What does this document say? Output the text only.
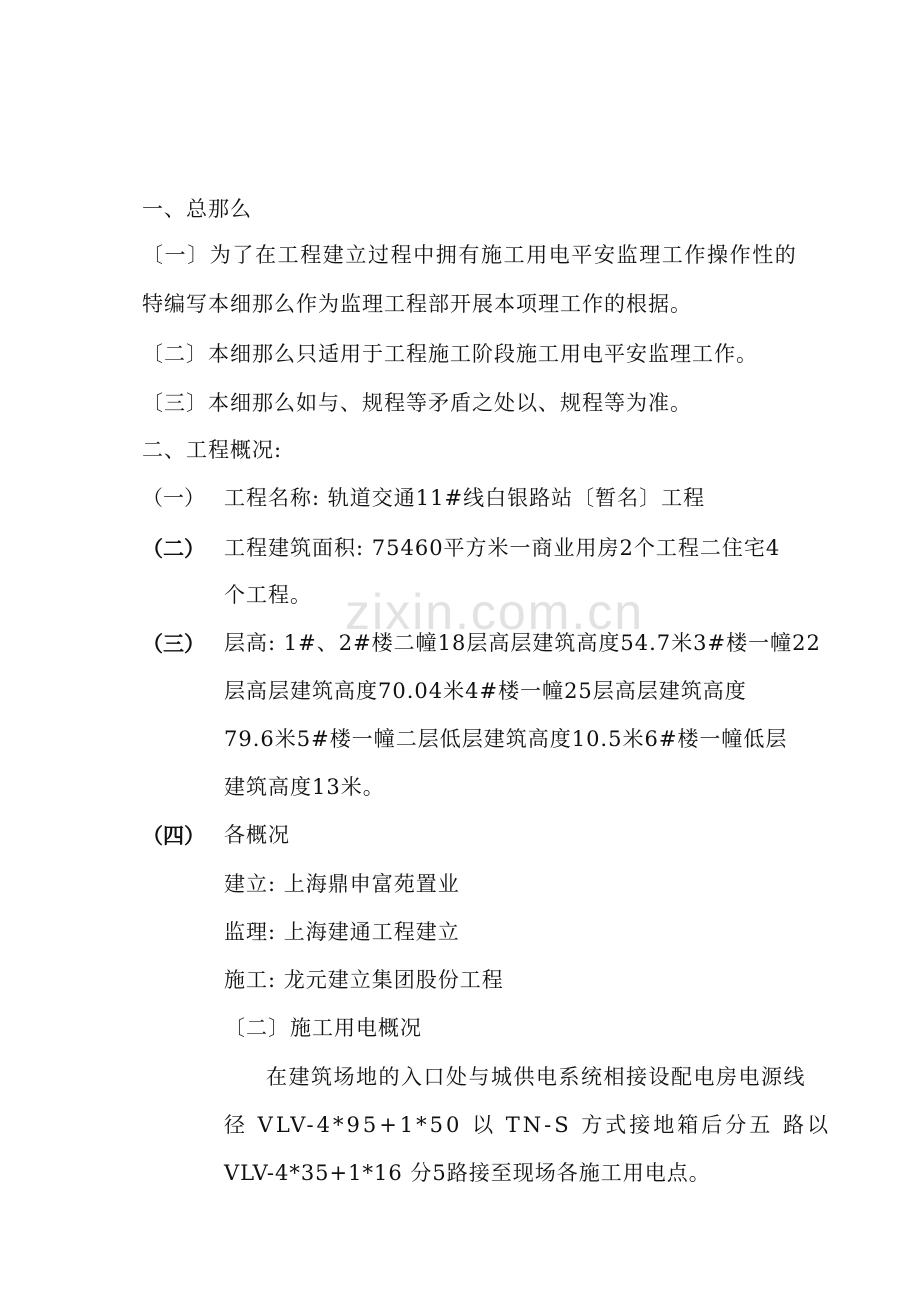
zixin.com.cn
一、总那么
〔一〕为了在工程建立过程中拥有施工用电平安监理工作操作性的
特编写本细那么作为监理工程部开展本项理工作的根据。
〔二〕本细那么只适用于工程施工阶段施工用电平安监理工作。
〔三〕本细那么如与、规程等矛盾之处以、规程等为准。
二、工程概况:
（一） 工程名称: 轨道交通11#线白银路站〔暂名〕工程
（二） 工程建筑面积: 75460平方米一商业用房2个工程二住宅4
个工程。
（三） 层高: 1#、2#楼二幢18层高层建筑高度54.7米3#楼一幢22
层高层建筑高度70.04米4#楼一幢25层高层建筑高度
79.6米5#楼一幢二层低层建筑高度10.5米6#楼一幢低层
建筑高度13米。
（四） 各概况
建立: 上海鼎申富苑置业
监理: 上海建通工程建立
施工: 龙元建立集团股份工程
〔二〕施工用电概况
在建筑场地的入口处与城供电系统相接设配电房电源线
径 VLV-4*95+1*50 以 TN-S 方式接地箱后分五 路以
VLV-4*35+1*16 分5路接至现场各施工用电点。
